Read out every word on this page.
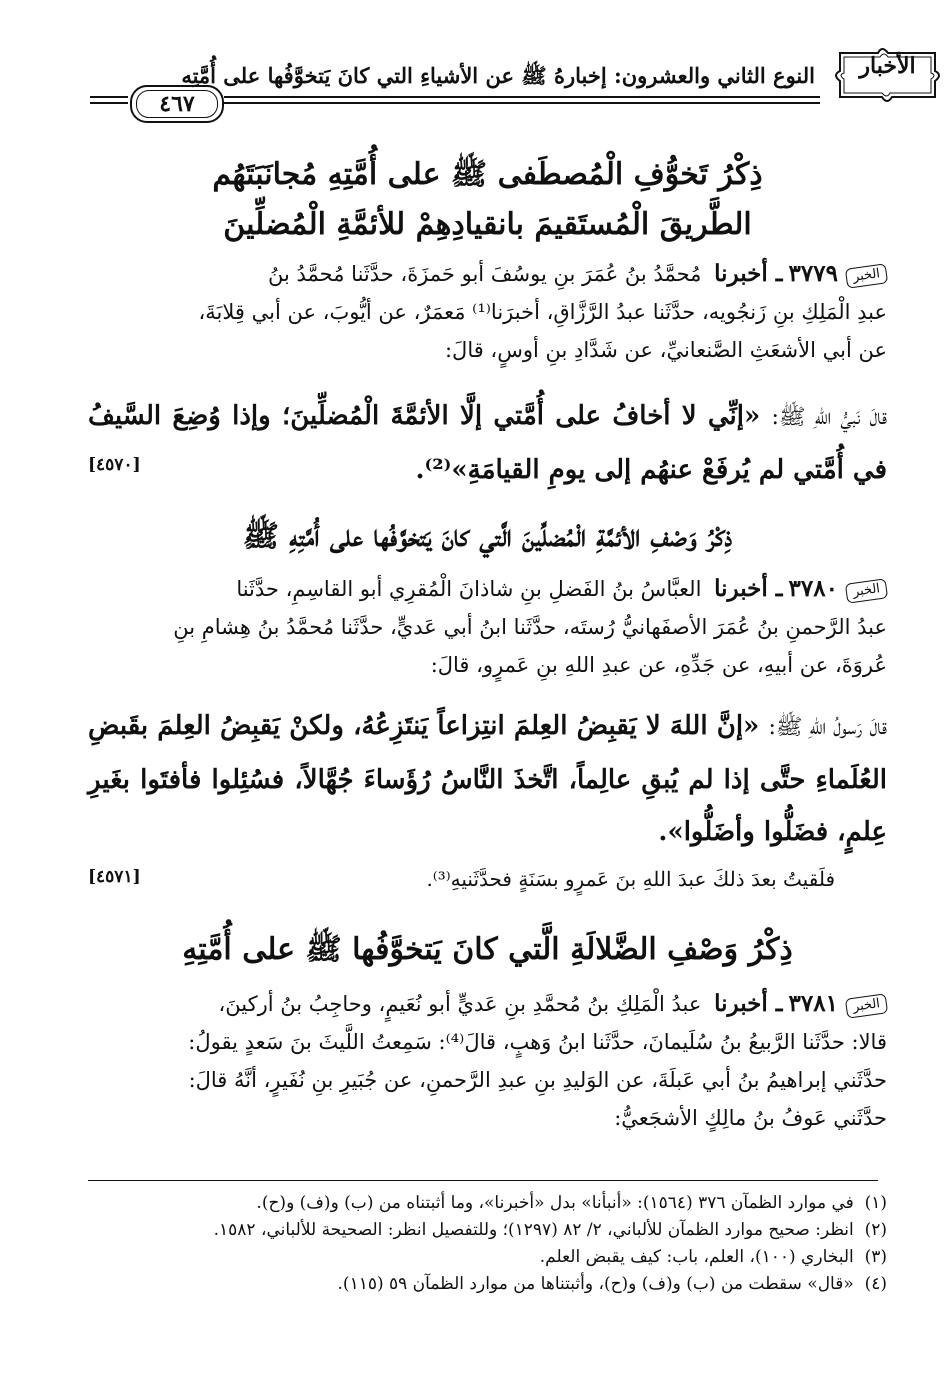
الأخبار
النوع الثاني والعشرون: إخبارهُ ﷺ عن الأشياءِ التي كانَ يَتخوَّفُها على أُمَّتِه
٤٦٧
ذِكْرُ تَخوُّفِ الْمُصطَفى ﷺ على أُمَّتِهِ مُجانَبَتَهُم
الطَّريقَ الْمُستَقيمَ بانقيادِهِمْ للأئمَّةِ الْمُضلِّينَ
الخبر٣٧٧٩ـ أخبرنا مُحمَّدُ بنُ عُمَرَ بنِ يوسُفَ أبو حَمزَةَ، حدَّثَنا مُحمَّدُ بنُ
عبدِ الْمَلِكِ بنِ زَنجُويه، حدَّثَنا عبدُ الرَّزَّاقِ، أخبرَنا⁽¹⁾ مَعمَرٌ، عن أيُّوبَ، عن أبي قِلابَةَ،
عن أبي الأشعَثِ الصَّنعانيِّ، عن شَدَّادِ بنِ أوسٍ، قالَ:
قالَ نَبيُّ اللهِ ﷺ: «إنِّي لا أخافُ على أُمَّتي إلَّا الأئمَّةَ الْمُضلِّينَ؛ وإذا وُضِعَ السَّيفُ في أُمَّتي لم يُرفَعْ عنهُم إلى يومِ القيامَةِ»⁽²⁾.
[٤٥٧٠]
ذِكْرُ وَصْفِ الأئمَّةِ الْمُضلِّينَ الَّتي كانَ يَتخوَّفُها على أُمَّتِهِ ﷺ
الخبر٣٧٨٠ـ أخبرنا العبَّاسُ بنُ الفَضلِ بنِ شاذانَ الْمُقرِي أبو القاسِمِ، حدَّثَنا
عبدُ الرَّحمنِ بنُ عُمَرَ الأصفَهانيُّ رُستَه، حدَّثَنا ابنُ أبي عَديٍّ، حدَّثَنا مُحمَّدُ بنُ هِشامِ بنِ
عُروَةَ، عن أبيهِ، عن جَدِّهِ، عن عبدِ اللهِ بنِ عَمرٍو، قالَ:
قالَ رَسولُ اللهِ ﷺ: «إنَّ اللهَ لا يَقبِضُ العِلمَ انتِزاعاً يَنتَزِعُهُ، ولكنْ يَقبِضُ العِلمَ بقَبضِ العُلَماءِ حتَّى إذا لم يُبقِ عالِماً، اتَّخذَ النَّاسُ رُؤَساءَ جُهَّالاً، فسُئِلوا فأفتَوا بغَيرِ عِلمٍ، فضَلُّوا وأضَلُّوا».
فلَقيتُ بعدَ ذلكَ عبدَ اللهِ بنَ عَمرٍو بسَنَةٍ فحدَّثَنيهِ⁽³⁾.
[٤٥٧١]
ذِكْرُ وَصْفِ الضَّلالَةِ الَّتي كانَ يَتخوَّفُها ﷺ على أُمَّتِهِ
الخبر٣٧٨١ـ أخبرنا عبدُ الْمَلِكِ بنُ مُحمَّدِ بنِ عَديٍّ أبو نُعَيمٍ، وحاجِبُ بنُ أركينَ،
قالا: حدَّثَنا الرَّبيعُ بنُ سُلَيمانَ، حدَّثَنا ابنُ وَهبٍ، قالَ⁽⁴⁾: سَمِعتُ اللَّيثَ بنَ سَعدٍ يقولُ:
حدَّثَني إبراهيمُ بنُ أبي عَبلَةَ، عن الوَليدِ بنِ عبدِ الرَّحمنِ، عن جُبَيرِ بنِ نُفَيرٍ، أنَّهُ قالَ:
حدَّثَني عَوفُ بنُ مالِكٍ الأشجَعيُّ:
(١)  في موارد الظمآن ٣٧٦ (١٥٦٤): «أنبأنا» بدل «أخبرنا»، وما أثبتناه من (ب) و(ف) و(ح).
(٢)  انظر: صحيح موارد الظمآن للألباني، ٢/ ٨٢ (١٢٩٧)؛ وللتفصيل انظر: الصحيحة للألباني، ١٥٨٢.
(٣)  البخاري (١٠٠)، العلم، باب: كيف يقبض العلم.
(٤)  «قال» سقطت من (ب) و(ف) و(ح)، وأثبتناها من موارد الظمآن ٥٩ (١١٥).
